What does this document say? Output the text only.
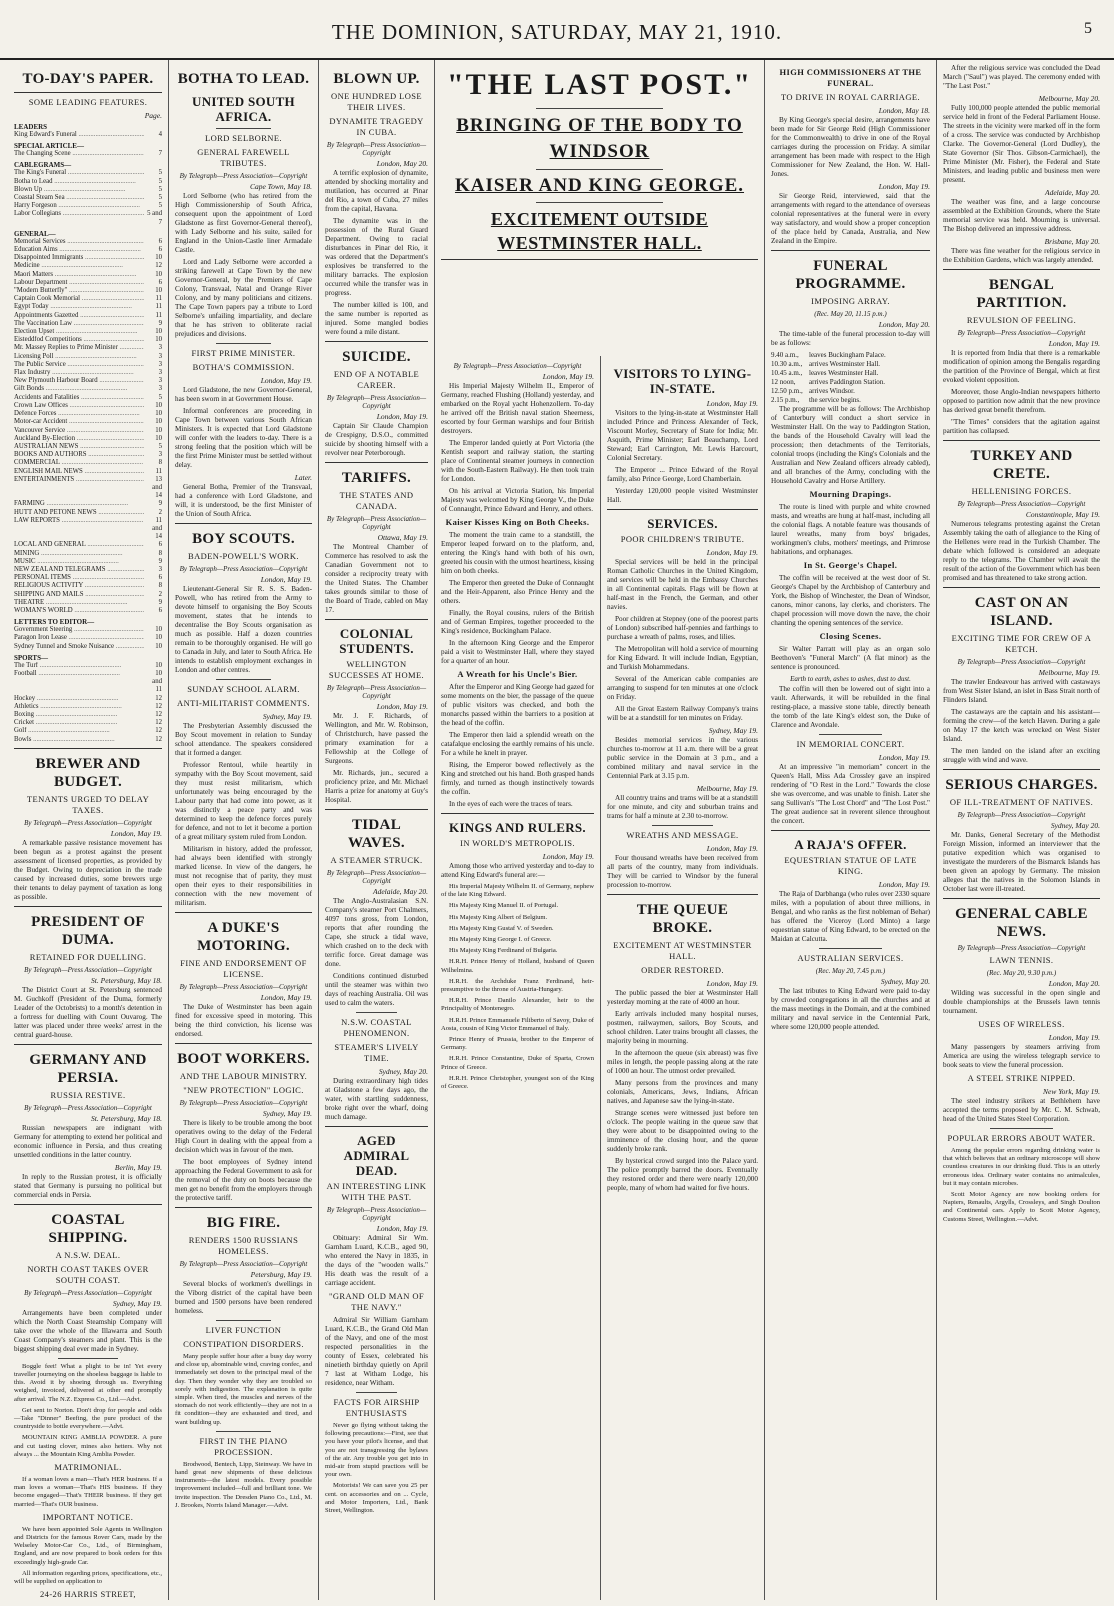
THE DOMINION, SATURDAY, MAY 21, 1910.	5
TO-DAY'S PAPER.
SOME LEADING FEATURES.
Page.
LEADERS
King Edward's Funeral .....	4
SPECIAL ARTICLE—
The Changing Scene .....	7
CABLEGRAMS—
The King's Funeral .....	5
Botha to Lead .....	5
Blown Up .....	5
Coastal Steam Sea .....	5
Harry Forgeson .....	5
Labor Collegians .....	5 and 7
GENERAL—
Memorial Services .....	6
Education Aims .....	6
Disappointed Immigrants .....	10
Medicine .....	12
Maori Matters .....	10
Labour Department .....	6
"Modern Butterfly" .....	10
Captain Cook Memorial .....	11
Egypt Today .....	11
Appointments Gazetted .....	11
The Vaccination Law .....	9
Election Upset .....	10
Eisteddfod Competitions .....	10
Mr. Massey Replies to Prime Minister .....	3
Licensing Poll .....	3
The Public Service .....	3
Flax Industry .....	3
New Plymouth Harbour Board .....	3
Gift Bonds .....	3
Accidents and Fatalities .....	5
Crown Law Offices .....	10
Defence Forces .....	10
Motor-car Accident .....	10
Vancouver Service .....	10
Auckland By-Election .....	10
AUSTRALIAN NEWS .....	5
BOOKS AND AUTHORS .....	3
COMMERCIAL .....	8
ENGLISH MAIL NEWS .....	11
ENTERTAINMENTS .....	13 and 14
FARMING .....	9
HUTT AND PETONE NEWS .....	2
LAW REPORTS .....	11 and 14
LOCAL AND GENERAL .....	6
MINING .....	8
MUSIC .....	9
NEW ZEALAND TELEGRAMS .....	3
PERSONAL ITEMS .....	6
RELIGIOUS ACTIVITY .....	8
SHIPPING AND MAILS .....	2
THEATRE .....	9
WOMAN'S WORLD .....	6
LETTERS TO EDITOR—
Government Steering .....	10
Paragon Iron Lease .....	10
Sydney Tunnel and Smoke Nuisance .....	10
SPORTS—
The Turf .....	10
Football .....	10 and 11
Hockey .....	12
Athletics .....	12
Boxing .....	12
Cricket .....	12
Golf .....	12
Bowls .....	12
BREWER AND BUDGET.
TENANTS URGED TO DELAY TAXES.
By Telegraph—Press Association—Copyright
London, May 19.
A remarkable passive resistance movement has been begun as a protest against the present assessment of licensed properties, as provided by the Budget. Owing to depreciation in the trade caused by increased duties, some brewers urge their tenants to delay payment of taxation as long as possible.
PRESIDENT OF DUMA.
RETAINED FOR DUELLING.
By Telegraph—Press Association—Copyright
St. Petersburg, May 18.
The District Court at St. Petersburg sentenced M. Guchkoff (President of the Duma, formerly Leader of the Octobrists) to a month's detention in a fortress for duelling with Count Ouvarog. The latter was placed under three weeks' arrest in the central guard-house.
GERMANY AND PERSIA.
RUSSIA RESTIVE.
By Telegraph—Press Association—Copyright
St. Petersburg, May 18.
Russian newspapers are indignant with Germany for attempting to extend her political and economic influence in Persia, and thus creating unsettled conditions in the latter country.
Berlin, May 19.
In reply to the Russian protest, it is officially stated that Germany is pursuing no political but commercial ends in Persia.
COASTAL SHIPPING.
A N.S.W. DEAL.
NORTH COAST TAKES OVER SOUTH COAST.
By Telegraph—Press Association—Copyright
Sydney, May 19.
Arrangements have been completed under which the North Coast Steamship Company will take over the whole of the Illawarra and South Coast Company's steamers and plant. This is the biggest shipping deal ever made in Sydney.
Boggle feet! What a plight to be in! Yet every traveller journeying on the shoeless baggage is liable to this. Avoid it by shoeing through us. Everything weighed, invoiced, delivered at other end promptly after arrival. The N.Z. Express Co., Ltd.—Advt.
Get sent to Norton. Don't drop for people and odds—Take "Dinner" Beefing, the pure product of the countryside to bottle everywhere.—Advt.
MOUNTAIN KING AMBLIA POWDER. A pure and cut tasting clover, mines also hetters. Why not always ... the Mountain King Amblia Powder.
MATRIMONIAL.
If a woman loves a man—That's HER business. If a man loves a woman—That's HIS business. If they become engaged—That's THEIR business. If they get married—That's OUR business.
IMPORTANT NOTICE.
We have been appointed Sole Agents in Wellington and Districts for the famous Rover Cars, made by the Welseley Motor-Car Co., Ltd., of Birmingham, England, and are now prepared to book orders for this exceedingly high-grade Car.
All information regarding prices, specifications, etc., will be supplied on application to
24-26 HARRIS STREET,
BOTHA TO LEAD.
UNITED SOUTH AFRICA.
LORD SELBORNE.
GENERAL FAREWELL TRIBUTES.
By Telegraph—Press Association—Copyright
Cape Town, May 18.
Lord Selborne (who has retired from the High Commissionership of South Africa, consequent upon the appointment of Lord Gladstone as first Governor-General thereof), with Lady Selborne and his suite, sailed for England in the Union-Castle liner Armadale Castle.
Lord and Lady Selborne were accorded a striking farewell at Cape Town by the new Governor-General, by the Premiers of Cape Colony, Transvaal, Natal and Orange River Colony, and by many politicians and citizens. The Cape Town papers pay a tribute to Lord Selborne's unfailing impartiality, and declare that he has striven to obliterate racial prejudices and divisions.
FIRST PRIME MINISTER.
BOTHA'S COMMISSION.
London, May 19.
Lord Gladstone, the new Governor-General, has been sworn in at Government House.
Informal conferences are proceeding in Cape Town between various South African Ministers. It is expected that Lord Gladstone will confer with the leaders to-day. There is a strong feeling that the position which will be the first Prime Minister must be settled without delay.
Later.
General Botha, Premier of the Transvaal, had a conference with Lord Gladstone, and will, it is understood, be the first Minister of the Union of South Africa.
BOY SCOUTS.
BADEN-POWELL'S WORK.
By Telegraph—Press Association—Copyright
London, May 19.
Lieutenant-General Sir R. S. S. Baden-Powell, who has retired from the Army to devote himself to organising the Boy Scouts movement, states that he intends to decentralise the Boy Scouts organisation as much as possible. Half a dozen countries remain to be thoroughly organised. He will go to Canada in July, and later to South Africa. He intends to establish employment exchanges in London and other centres.
SUNDAY SCHOOL ALARM.
ANTI-MILITARIST COMMENTS.
Sydney, May 19.
The Presbyterian Assembly discussed the Boy Scout movement in relation to Sunday school attendance. The speakers considered that it formed a danger.
Professor Rentoul, while heartily in sympathy with the Boy Scout movement, said they must resist militarism, which unfortunately was being encouraged by the Labour party that had come into power, as it was distinctly a peace party and was determined to keep the defence forces purely for defence, and not to let it become a portion of a great military system ruled from London.
Militarism in history, added the professor, had always been identified with strongly marked license. In view of the dangers, he must not recognise that of parity, they must open their eyes to their responsibilities in connection with the new movement of militarism.
A DUKE'S MOTORING.
FINE AND ENDORSEMENT OF LICENSE.
By Telegraph—Press Association—Copyright
London, May 19.
The Duke of Westminster has been again fined for excessive speed in motoring. This being the third conviction, his license was endorsed.
BOOT WORKERS.
AND THE LABOUR MINISTRY.
"NEW PROTECTION" LOGIC.
By Telegraph—Press Association—Copyright
Sydney, May 19.
There is likely to be trouble among the boot operatives owing to the delay of the Federal High Court in dealing with the appeal from a decision which was in favour of the men.
The boot employees of Sydney intend approaching the Federal Government to ask for the removal of the duty on boots because the men get no benefit from the employers through the protective tariff.
BIG FIRE.
RENDERS 1500 RUSSIANS HOMELESS.
By Telegraph—Press Association—Copyright
Petersburg, May 19.
Several blocks of workmen's dwellings in the Viborg district of the capital have been burned and 1500 persons have been rendered homeless.
LIVER FUNCTION
CONSTIPATION DISORDERS.
Many people suffer hour after a busy day worry and close up, abominable wind, craving confec, and immediately set down to the principal meal of the day. Then they wonder why they are troubled so sorely with indigestion. The explanation is quite simple. When tired, the muscles and nerves of the stomach do not work efficiently—they are not in a fit condition—they are exhausted and tired, and want building up.
FIRST IN THE PIANO PROCESSION.
Brodwood, Bentech, Lipp, Steinway. We have in hand great new shipments of these delicious instruments—the latest models. Every possible improvement included—full and brilliant tone. We invite inspection. The Dresden Piano Co., Ltd., M. J. Brookes, Norris Island Manager.—Advt.
BLOWN UP.
ONE HUNDRED LOSE THEIR LIVES.
DYNAMITE TRAGEDY IN CUBA.
By Telegraph—Press Association—Copyright
London, May 20.
A terrific explosion of dynamite, attended by shocking mortality and mutilation, has occurred at Pinar del Rio, a town of Cuba, 27 miles from the capital, Havana.
The dynamite was in the possession of the Rural Guard Department. Owing to racial disturbances in Pinar del Rio, it was ordered that the Department's explosives be transferred to the military barracks. The explosion occurred while the transfer was in progress.
The number killed is 100, and the same number is reported as injured. Some mangled bodies were found a mile distant.
SUICIDE.
END OF A NOTABLE CAREER.
By Telegraph—Press Association—Copyright
London, May 19.
Captain Sir Claude Champion de Crespigny, D.S.O., committed suicide by shooting himself with a revolver near Peterborough.
TARIFFS.
THE STATES AND CANADA.
By Telegraph—Press Association—Copyright
Ottawa, May 19.
The Montreal Chamber of Commerce has resolved to ask the Canadian Government not to consider a reciprocity treaty with the United States. The Chamber takes grounds similar to those of the Board of Trade, cabled on May 17.
COLONIAL STUDENTS.
WELLINGTON SUCCESSES AT HOME.
By Telegraph—Press Association—Copyright
London, May 19.
Mr. J. F. Richards, of Wellington, and Mr. W. Robinson, of Christchurch, have passed the primary examination for a Fellowship at the College of Surgeons.
Mr. Richards, jun., secured a proficiency prize, and Mr. Michael Harris a prize for anatomy at Guy's Hospital.
TIDAL WAVES.
A STEAMER STRUCK.
By Telegraph—Press Association—Copyright
Adelaide, May 20.
The Anglo-Australasian S.N. Company's steamer Port Chalmers, 4097 tons gross, from London, reports that after rounding the Cape, she struck a tidal wave, which crashed on to the deck with terrific force. Great damage was done.
Conditions continued disturbed until the steamer was within two days of reaching Australia. Oil was used to calm the waters.
N.S.W. COASTAL PHENOMENON.
STEAMER'S LIVELY TIME.
Sydney, May 20.
During extraordinary high tides at Gladstone a few days ago, the water, with startling suddenness, broke right over the wharf, doing much damage.
AGED ADMIRAL DEAD.
AN INTERESTING LINK WITH THE PAST.
By Telegraph—Press Association—Copyright
London, May 19.
Obituary: Admiral Sir Wm. Garnham Luard, K.C.B., aged 90, who entered the Navy in 1835, in the days of the "wooden walls." His death was the result of a carriage accident.
"GRAND OLD MAN OF THE NAVY."
Admiral Sir William Garnham Luard, K.C.B., the Grand Old Man of the Navy, and one of the most respected personalities in the county of Essex, celebrated his ninetieth birthday quietly on April 7 last at Witham Lodge, his residence, near Witham.
FACTS FOR AIRSHIP ENTHUSIASTS
Never go flying without taking the following precautions:—First, see that you have your pilot's license, and that you are not transgressing the bylaws of the air. Any trouble you get into in mid-air from stupid practices will be your own.
Motorists! We can save you 25 per cent. on accessories and on ... Cycle, and Motor Importers, Ltd., Bank Street, Wellington.
"THE LAST POST."
BRINGING OF THE BODY TO WINDSOR
KAISER AND KING GEORGE.
EXCITEMENT OUTSIDE WESTMINSTER HALL.
By Telegraph—Press Association—Copyright
London, May 19.
His Imperial Majesty Wilhelm II., Emperor of Germany, reached Flushing (Holland) yesterday, and embarked on the Royal yacht Hohenzollern. To-day he arrived off the British naval station Sheerness, escorted by four German warships and four British destroyers.
The Emperor landed quietly at Port Victoria (the Kentish seaport and railway station, the starting place of Continental steamer journeys in connection with the South-Eastern Railway). He then took train for London.
On his arrival at Victoria Station, his Imperial Majesty was welcomed by King George V., the Duke of Connaught, Prince Edward and Henry, and others.
Kaiser Kisses King on Both Cheeks.
The moment the train came to a standstill, the Emperor leaped forward on to the platform, and, entering the King's hand with both of his own, greeted his cousin with the utmost heartiness, kissing him on both cheeks.
The Emperor then greeted the Duke of Connaught and the Heir-Apparent, also Prince Henry and the others.
Finally, the Royal cousins, rulers of the British and of German Empires, together proceeded to the King's residence, Buckingham Palace.
In the afternoon King George and the Emperor paid a visit to Westminster Hall, where they stayed for a quarter of an hour.
A Wreath for his Uncle's Bier.
After the Emperor and King George had gazed for some moments on the bier, the passage of the queue of public visitors was checked, and both the monarchs passed within the barriers to a position at the head of the coffin.
The Emperor then laid a splendid wreath on the catafalque enclosing the earthly remains of his uncle. For a while he knelt in prayer.
Rising, the Emperor bowed reflectively as the King and stretched out his hand. Both grasped hands firmly, and turned as though instinctively towards the coffin.
In the eyes of each were the traces of tears.
KINGS AND RULERS.
IN WORLD'S METROPOLIS.
London, May 19.
Among those who arrived yesterday and to-day to attend King Edward's funeral are:—
His Imperial Majesty Wilhelm II. of Germany, nephew of the late King Edward.
His Majesty King Manuel II. of Portugal.
His Majesty King Albert of Belgium.
His Majesty King Gustaf V. of Sweden.
His Majesty King George I. of Greece.
His Majesty King Ferdinand of Bulgaria.
H.R.H. Prince Henry of Holland, husband of Queen Wilhelmina.
H.R.H. the Archduke Franz Ferdinand, heir-presumptive to the throne of Austria-Hungary.
H.R.H. Prince Danilo Alexander, heir to the Principality of Montenegro.
H.R.H. Prince Emmanuele Filiberto of Savoy, Duke of Aosta, cousin of King Victor Emmanuel of Italy.
Prince Henry of Prussia, brother to the Emperor of Germany.
H.R.H. Prince Constantine, Duke of Sparta, Crown Prince of Greece.
H.R.H. Prince Christopher, youngest son of the King of Greece.
VISITORS TO LYING-IN-STATE.
London, May 19.
Visitors to the lying-in-state at Westminster Hall included Prince and Princess Alexander of Teck, Viscount Morley, Secretary of State for India; Mr. Asquith, Prime Minister; Earl Beauchamp, Lord Steward; Earl Carrington, Mr. Lewis Harcourt, Colonial Secretary.
The Emperor ... Prince Edward of the Royal family, also Prince George, Lord Chamberlain.
Yesterday 120,000 people visited Westminster Hall.
SERVICES.
POOR CHILDREN'S TRIBUTE.
London, May 19.
Special services will be held in the principal Roman Catholic Churches in the United Kingdom, and services will be held in the Embassy Churches in all Continental capitals. Flags will be flown at half-mast in the French, the German, and other navies.
Poor children at Stepney (one of the poorest parts of London) subscribed half-pennies and farthings to purchase a wreath of palms, roses, and lilies.
The Metropolitan will hold a service of mourning for King Edward. It will include Indian, Egyptian, and Turkish Mohammedans.
Several of the American cable companies are arranging to suspend for ten minutes at one o'clock on Friday.
All the Great Eastern Railway Company's trains will be at a standstill for ten minutes on Friday.
Sydney, May 19.
Besides memorial services in the various churches to-morrow at 11 a.m. there will be a great public service in the Domain at 3 p.m., and a combined military and naval service in the Centennial Park at 3.15 p.m.
Melbourne, May 19.
All country trains and trams will be at a standstill for one minute, and city and suburban trains and trams for half a minute at 2.30 to-morrow.
WREATHS AND MESSAGE.
London, May 19.
Four thousand wreaths have been received from all parts of the country, many from individuals. They will be carried to Windsor by the funeral procession to-morrow.
THE QUEUE BROKE.
EXCITEMENT AT WESTMINSTER HALL.
ORDER RESTORED.
London, May 19.
The public passed the bier at Westminster Hall yesterday morning at the rate of 4000 an hour.
Early arrivals included many hospital nurses, postmen, railwaymen, sailors, Boy Scouts, and school children. Later trains brought all classes, the majority being in mourning.
In the afternoon the queue (six abreast) was five miles in length, the people passing along at the rate of 1000 an hour. The utmost order prevailed.
Many persons from the provinces and many colonials, Americans, Jews, Indians, African natives, and Japanese saw the lying-in-state.
Strange scenes were witnessed just before ten o'clock. The people waiting in the queue saw that they were about to be disappointed owing to the imminence of the closing hour, and the queue suddenly broke rank.
By hysterical crowd surged into the Palace yard. The police promptly barred the doors. Eventually they restored order and there were nearly 120,000 people, many of whom had waited for five hours.
HIGH COMMISSIONERS AT THE FUNERAL.
TO DRIVE IN ROYAL CARRIAGE.
London, May 18.
By King George's special desire, arrangements have been made for Sir George Reid (High Commissioner for the Commonwealth) to drive in one of the Royal carriages during the procession on Friday. A similar arrangement has been made with respect to the High Commissioner for New Zealand, the Hon. W. Hall-Jones.
London, May 19.
Sir George Reid, interviewed, said that the arrangements with regard to the attendance of overseas colonial representatives at the funeral were in every way satisfactory, and would show a proper conception of the place held by Canada, Australia, and New Zealand in the Empire.
FUNERAL PROGRAMME.
IMPOSING ARRAY.
(Rec. May 20, 11.15 p.m.)
London, May 20.
The time-table of the funeral procession to-day will be as follows:
9.40 a.m.,	leaves Buckingham Palace.
10.30 a.m., arrives Westminster Hall.
10.45 a.m., leaves Westminster Hall.
12 noon,	arrives Paddington Station.
12.50 p.m., arrives Windsor.
2.15 p.m.,	the service begins.
The programme will be as follows: The Archbishop of Canterbury will conduct a short service in Westminster Hall. On the way to Paddington Station, the bands of the Household Cavalry will lead the procession; then detachments of the Territorials, colonial troops (including the King's Colonials and the Australian and New Zealand officers already cabled), and all branches of the Army, concluding with the Household Cavalry and Horse Artillery.
Mourning Drapings.
The route is lined with purple and white crowned masts, and wreaths are hung at half-mast, including all the colonial flags. A notable feature was thousands of laurel wreaths, many from boys' brigades, workingmen's clubs, mothers' meetings, and Primrose habitations, and orphanages.
In St. George's Chapel.
The coffin will be received at the west door of St. George's Chapel by the Archbishop of Canterbury and York, the Bishop of Winchester, the Dean of Windsor, canons, minor canons, lay clerks, and choristers. The chapel procession will move down the nave, the choir chanting the opening sentences of the service.
Closing Scenes.
Sir Walter Parratt will play as an organ solo Beethoven's "Funeral March" (A flat minor) as the sentence is pronounced.
Earth to earth, ashes to ashes, dust to dust.
The coffin will then be lowered out of sight into a vault. Afterwards, it will be rebuilded in the final resting-place, a massive stone table, directly beneath the tomb of the late King's eldest son, the Duke of Clarence and Avondale.
IN MEMORIAL CONCERT.
London, May 19.
At an impressive "in memoriam" concert in the Queen's Hall, Miss Ada Crossley gave an inspired rendering of "O Rest in the Lord." Towards the close she was overcome, and was unable to finish. Later she sang Sullivan's "The Lost Chord" and "The Lost Post." The great audience sat in reverent silence throughout the concert.
A RAJA'S OFFER.
EQUESTRIAN STATUE OF LATE KING.
London, May 19.
The Raja of Darbhanga (who rules over 2330 square miles, with a population of about three millions, in Bengal, and who ranks as the first nobleman of Behar) has offered the Viceroy (Lord Minto) a large equestrian statue of King Edward, to be erected on the Maidan at Calcutta.
AUSTRALIAN SERVICES.
(Rec. May 20, 7.45 p.m.)
Sydney, May 20.
The last tributes to King Edward were paid to-day by crowded congregations in all the churches and at the mass meetings in the Domain, and at the combined military and naval service in the Centennial Park, where some 120,000 people attended.
After the religious service was concluded the Dead March ("Saul") was played. The ceremony ended with "The Last Post."
Melbourne, May 20.
Fully 100,000 people attended the public memorial service held in front of the Federal Parliament House. The streets in the vicinity were marked off in the form of a cross. The service was conducted by Archbishop Clarke. The Governor-General (Lord Dudley), the State Governor (Sir Thos. Gibson-Carmichael), the Prime Minister (Mr. Fisher), the Federal and State Ministers, and leading public and business men were present.
Adelaide, May 20.
The weather was fine, and a large concourse assembled at the Exhibition Grounds, where the State memorial service was held. Mourning is universal. The Bishop delivered an impressive address.
Brisbane, May 20.
There was fine weather for the religious service in the Exhibition Gardens, which was largely attended.
BENGAL PARTITION.
REVULSION OF FEELING.
By Telegraph—Press Association—Copyright
London, May 19.
It is reported from India that there is a remarkable modification of opinion among the Bengalis regarding the partition of the Province of Bengal, which at first evoked violent opposition.
Moreover, those Anglo-Indian newspapers hitherto opposed to partition now admit that the new province has derived great benefit therefrom.
"The Times" considers that the agitation against partition has collapsed.
TURKEY AND CRETE.
HELLENISING FORCES.
By Telegraph—Press Association—Copyright
Constantinople, May 19.
Numerous telegrams protesting against the Cretan Assembly taking the oath of allegiance to the King of the Hellenes were read in the Turkish Chamber. The debate which followed is considered an adequate reply to the telegrams. The Chamber will await the result of the action of the Government which has been promised and has threatened to take strong action.
CAST ON AN ISLAND.
EXCITING TIME FOR CREW OF A KETCH.
By Telegraph—Press Association—Copyright
Melbourne, May 19.
The trawler Endeavour has arrived with castaways from West Sister Island, an islet in Bass Strait north of Flinders Island.
The castaways are the captain and his assistant—forming the crew—of the ketch Haven. During a gale on May 17 the ketch was wrecked on West Sister Island.
The men landed on the island after an exciting struggle with wind and wave.
SERIOUS CHARGES.
OF ILL-TREATMENT OF NATIVES.
By Telegraph—Press Association—Copyright
Sydney, May 20.
Mr. Danks, General Secretary of the Methodist Foreign Mission, informed an interviewer that the putative expedition which was organised to investigate the murderers of the Bismarck Islands has been given an apology by Germany. The mission alleges that the natives in the Solomon Islands in October last were ill-treated.
GENERAL CABLE NEWS.
By Telegraph—Press Association—Copyright
LAWN TENNIS.
(Rec. May 20, 9.30 p.m.)
London, May 20.
Wilding was successful in the open single and double championships at the Brussels lawn tennis tournament.
USES OF WIRELESS.
London, May 19.
Many passengers by steamers arriving from America are using the wireless telegraph service to book seats to view the funeral procession.
A STEEL STRIKE NIPPED.
New York, May 19.
The steel industry strikers at Bethlehem have accepted the terms proposed by Mr. C. M. Schwab, head of the United States Steel Corporation.
POPULAR ERRORS ABOUT WATER.
Among the popular errors regarding drinking water is that which believes that an ordinary microscope will show countless creatures in our drinking fluid. This is an utterly erroneous idea. Ordinary water contains no animalcules, but it may contain microbes.
Scott Motor Agency are now booking orders for Napiers, Renaults, Argylls, Crossleys, and Singh Doulton and Continental cars. Apply to Scott Motor Agency, Customs Street, Wellington.—Advt.
